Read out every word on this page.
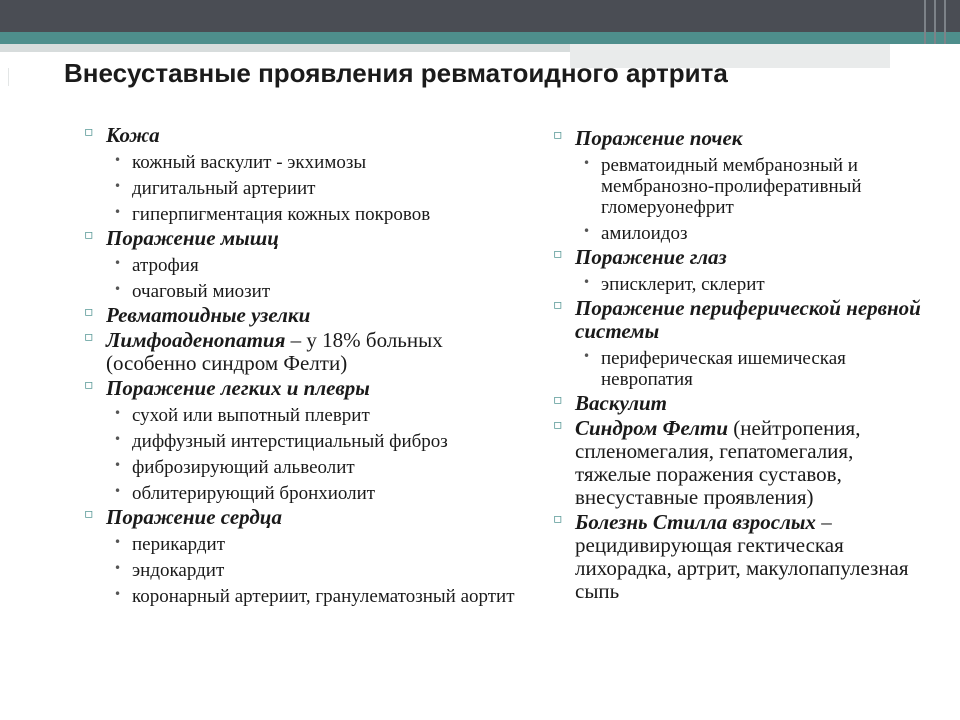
Внесуставные проявления ревматоидного артрита
▫ Кожа
• кожный васкулит - экхимозы
• дигитальный артериит
• гиперпигментация кожных покровов
▫ Поражение мышц
• атрофия
• очаговый миозит
▫ Ревматоидные узелки
▫ Лимфоаденопатия – у 18% больных (особенно синдром Фелти)
▫ Поражение легких и плевры
• сухой или выпотный плеврит
• диффузный интерстициальный фиброз
• фиброзирующий альвеолит
• облитерирующий бронхиолит
▫ Поражение сердца
• перикардит
• эндокардит
• коронарный артериит, гранулематозный аортит
▫ Поражение почек
• ревматоидный мембранозный и мембранозно-пролиферативный гломеруонефрит
• амилоидоз
▫ Поражение глаз
• эписклерит, склерит
▫ Поражение периферической нервной системы
• периферическая ишемическая невропатия
▫ Васкулит
▫ Синдром Фелти (нейтропения, спленомегалия, гепатомегалия, тяжелые поражения суставов, внесуставные проявления)
▫ Болезнь Стилла взрослых – рецидивирующая гектическая лихорадка, артрит, макулопапулезная сыпь
